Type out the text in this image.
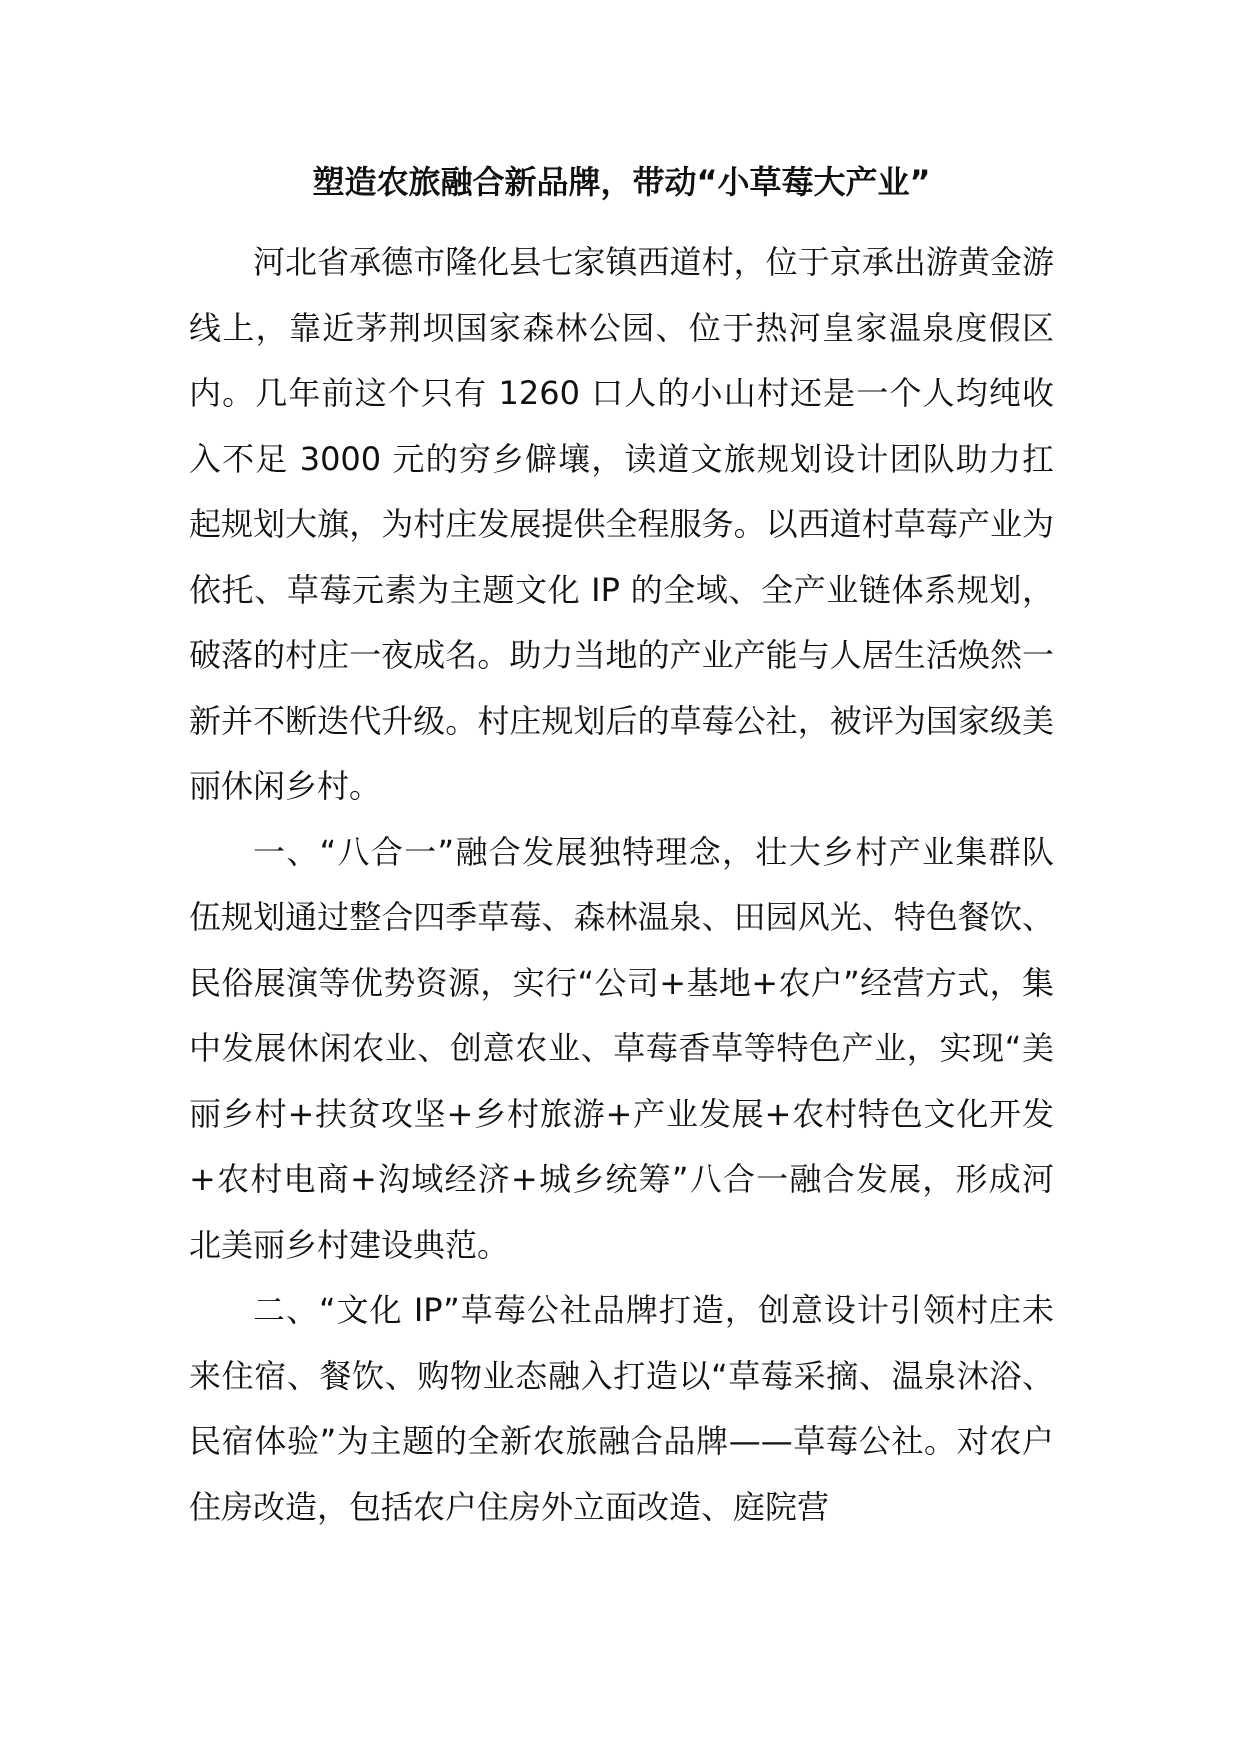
塑造农旅融合新品牌，带动“小草莓大产业”

河北省承德市隆化县七家镇西道村，位于京承出游黄金游线上，靠近茅荆坝国家森林公园、位于热河皇家温泉度假区内。几年前这个只有 1260 口人的小山村还是一个人均纯收入不足 3000 元的穷乡僻壤，读道文旅规划设计团队助力扛起规划大旗，为村庄发展提供全程服务。以西道村草莓产业为依托、草莓元素为主题文化 IP 的全域、全产业链体系规划，破落的村庄一夜成名。助力当地的产业产能与人居生活焕然一新并不断迭代升级。村庄规划后的草莓公社，被评为国家级美丽休闲乡村。

一、“八合一”融合发展独特理念，壮大乡村产业集群队伍规划通过整合四季草莓、森林温泉、田园风光、特色餐饮、民俗展演等优势资源，实行“公司+基地+农户”经营方式，集中发展休闲农业、创意农业、草莓香草等特色产业，实现“美丽乡村+扶贫攻坚+乡村旅游+产业发展+农村特色文化开发+农村电商+沟域经济+城乡统筹”八合一融合发展，形成河北美丽乡村建设典范。

二、“文化 IP”草莓公社品牌打造，创意设计引领村庄未来住宿、餐饮、购物业态融入打造以“草莓采摘、温泉沐浴、民宿体验”为主题的全新农旅融合品牌——草莓公社。对农户住房改造，包括农户住房外立面改造、庭院营
